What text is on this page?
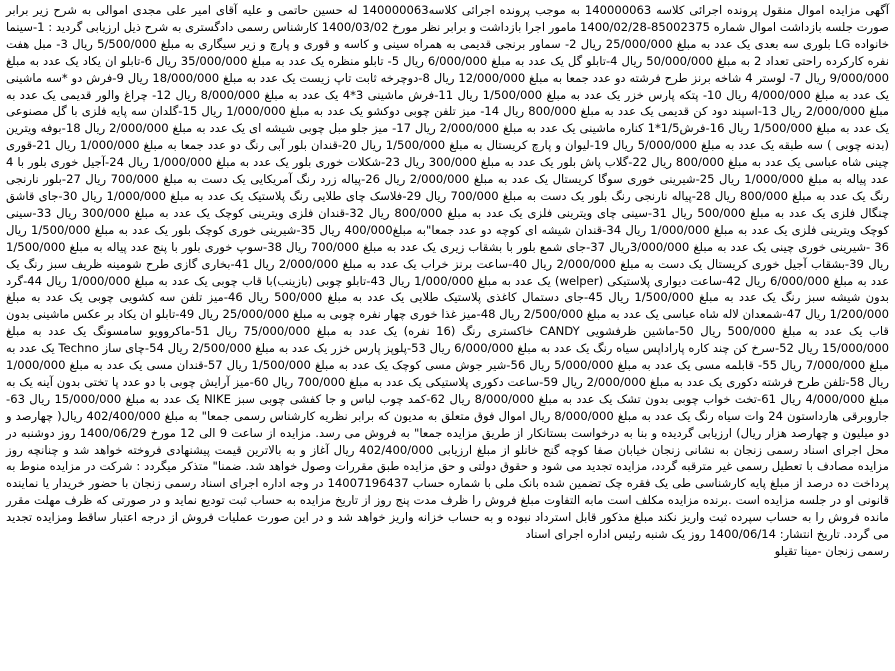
آگهی مزایده اموال منقول پرونده اجرائی کلاسه 140000063 به موجب پرونده اجرائی کلاسه140000063 له حسین حاتمی و علیه آقای امیر علی مجدی اموالی به شرح زیر برابر صورت جلسه بازداشت اموال شماره 85002375-1400/02/28 مامور اجرا بازداشت و برابر نظر مورخ 1400/03/02 کارشناس رسمی دادگستری به شرح ذیل ارزیابی گردید : 1-سینما خانواده LG بلوری سه بعدی یک عدد به مبلغ 25/000/000 ریال 2- سماور برنجی قدیمی به همراه سینی و کاسه و قوری و پارچ و زیر سیگاری به مبلغ 5/500/000 ریال 3- مبل هفت نفره کارکرده راحتی تعداد 2 به مبلغ 50/000/000 ریال 4-تابلو گل یک عدد به مبلغ 6/000/000 ریال 5- تابلو منظره یک عدد به مبلغ 35/000/000 ریال 6-تابلو ان یکاد یک عدد به مبلغ 9/000/000 ریال 7- لوستر 4 شاخه برنز طرح فرشته دو عدد جمعا به مبلغ 12/000/000 ریال 8-دوچرخه ثابت تاپ زیست یک عدد به مبلغ 18/000/000 ریال 9-فرش دو *سه ماشینی یک عدد به مبلغ 4/000/000 ریال 10- پتکه پارس خزر یک عدد به مبلغ 1/500/000 ریال 11-فرش ماشینی 3*4 یک عدد به مبلغ 8/000/000 ریال 12- چراغ والور قدیمی یک عدد به مبلغ 2/000/000 ریال 13-اسپند دود کن قدیمی یک عدد به مبلغ 800/000 ریال 14- میز تلفن چوبی دوکشو یک عدد به مبلغ 1/000/000 ریال 15-گلدان سه پایه فلزی با گل مصنوعی یک عدد به مبلغ 1/500/000 ریال 16-فرش1/5*1 کناره ماشینی یک عدد به مبلغ 2/000/000 ریال 17- میز جلو مبل چوبی شیشه ای یک عدد به مبلغ 2/000/000 ریال 18-بوفه ویترین (بدنه چوبی ) سه طبقه یک عدد به مبلغ 5/000/000 ریال 19-لیوان و پارچ کریستال به مبلغ 1/500/000 ریال 20-قندان بلور آبی رنگ دو عدد جمعا به مبلغ 1/000/000 ریال 21-قوری چینی شاه عباسی یک عدد به مبلغ 800/000 ریال 22-گلاب پاش بلور یک عدد به مبلغ 300/000 ریال 23-شکلات خوری بلور یک عدد به مبلغ 1/000/000 ریال 24-آجیل خوری بلور با 4 عدد پیاله به مبلغ 1/000/000 ریال 25-شیرینی خوری سوگا کریستال یک عدد به مبلغ 2/000/000 ریال 26-پیاله زرد رنگ آمریکایی یک دست به مبلغ 700/000 ریال 27-بلور نارنجی رنگ یک عدد به مبلغ 800/000 ریال 28-پیاله نارنجی رنگ بلور یک دست به مبلغ 700/000 ریال 29-فلاسک چای طلایی رنگ پلاستیک یک عدد به مبلغ 1/000/000 ریال 30-جای قاشق چنگال فلزی یک عدد به مبلغ 500/000 ریال 31-سینی چای ویترینی فلزی یک عدد به مبلغ 800/000 ریال 32-قندان فلزی ویترینی کوچک یک عدد به مبلغ 300/000 ریال 33-سینی کوچک ویترینی فلزی یک عدد به مبلغ 1/000/000 ریال 34-قندان شیشه ای کوچه دو عدد جمعا"به مبلغ400/000 ریال 35-شیرینی خوری کوچک بلور یک عدد به مبلغ 1/500/000 ریال 36 -شیرینی خوری چینی یک عدد به مبلغ 3/000/000ریال 37-جای شمع بلور با بشقاب زیری یک عدد به مبلغ 700/000 ریال 38-سوپ خوری بلور با پنج عدد پیاله به مبلغ 1/500/000 ریال 39-بشقاب آجیل خوری کریستال یک دست به مبلغ 2/000/000 ریال 40-ساعت برنز خراب یک عدد به مبلغ 2/000/000 ریال 41-بخاری گازی طرح شومینه ظریف سبز رنگ یک عدد به مبلغ 6/000/000 ریال 42-ساعت دیواری پلاستیکی (welper) یک عدد به مبلغ 1/000/000 ریال 43-تابلو چوبی (بازینب)با قاب چوبی یک عدد به مبلغ 1/000/000 ریال 44-گرد بدون شیشه سبز رنگ یک عدد به مبلغ 1/500/000 ریال 45-جای دستمال کاغذی پلاستیک طلایی یک عدد به مبلغ 500/000 ریال 46-میز تلفن سه کشویی چوبی یک عدد به مبلغ 1/200/000 ریال 47-شمعدان لاله شاه عباسی یک عدد به مبلغ 2/500/000 ریال 48-میز غذا خوری چهار نفره چوبی به مبلغ 25/000/000 ریال 49-تابلو ان یکاد بر عکس ماشینی بدون قاب یک عدد به مبلغ 500/000 ریال 50-ماشین ظرفشویی CANDY خاکستری رنگ (16 نفره) یک عدد به مبلغ 75/000/000 ریال 51-ماکروویو سامسونگ یک عدد به مبلغ 15/000/000 ریال 52-سرخ کن چند کاره پاراداپس سیاه رنگ یک عدد به مبلغ 6/000/000 ریال 53-پلوپز پارس خزر یک عدد به مبلغ 2/500/000 ریال 54-چای ساز Techno یک عدد به مبلغ 7/000/000 ریال 55- قابلمه مسی یک عدد به مبلغ 5/000/000 ریال 56-شیر جوش مسی کوچک یک عدد به مبلغ 1/500/000 ریال 57-قندان مسی یک عدد به مبلغ 1/000/000 ریال 58-تلفن طرح فرشته دکوری یک عدد به مبلغ 2/000/000 ریال 59-ساعت دکوری پلاستیکی یک عدد به مبلغ 700/000 ریال 60-میز آرایش چوبی با دو عدد پا تختی بدون آینه یک به مبلغ 4/000/000 ریال 61-تخت خواب چوبی بدون تشک یک عدد به مبلغ 8/000/000 ریال 62-کمد چوب لباس و جا کفشی چوبی سبز NIKE یک عدد به مبلغ 15/000/000 ریال 63-جاروبرقی هارداستون 24 وات سیاه رنگ یک عدد به مبلغ 8/000/000 ریال اموال فوق متعلق به مدیون که برابر نظریه کارشناس رسمی جمعا" به مبلغ 402/400/000 ریال( چهارصد و دو میلیون و چهارصد هزار ریال) ارزیابی گردیده و بنا به درخواست بستانکار از طریق مزایده جمعا" به فروش می رسد. مزایده از ساعت 9 الی 12 مورخ 1400/06/29 روز دوشنبه در محل اجرای اسناد رسمی زنجان به نشانی زنجان خیابان صفا کوچه گنج خانلو از مبلغ ارزیابی 402/400/000 ریال آغاز و به بالاترین قیمت پیشنهادی فروخته خواهد شد و چنانچه روز مزایده مصادف با تعطیل رسمی غیر مترقبه گردد، مزایده تجدید می شود و حقوق دولتی و حق مزایده طبق مقررات وصول خواهد شد. ضمنا" متذکر میگردد : شرکت در مزایده منوط به پرداخت ده درصد از مبلغ پایه کارشناسی طی یک فقره چک تضمین شده بانک ملی با شماره حساب 14007196437 در وجه اداره اجرای اسناد رسمی زنجان با حضور خریدار یا نماینده قانونی او در جلسه مزایده است .برنده مزایده مکلف است مابه التفاوت مبلغ فروش را ظرف مدت پنج روز از تاریخ مزایده به حساب ثبت تودیع نماید و در صورتی که ظرف مهلت مقرر مانده فروش را به حساب سپرده ثبت واریز نکند مبلغ مذکور قابل استرداد نبوده و به حساب خزانه واریز خواهد شد و در این صورت عملیات فروش از درجه اعتبار ساقط ومزایده تجدید می گردد. تاریخ انتشار: 1400/06/14 روز یک شنبه رئیس اداره اجرای اسناد
رسمی زنجان -مینا تقیلو
